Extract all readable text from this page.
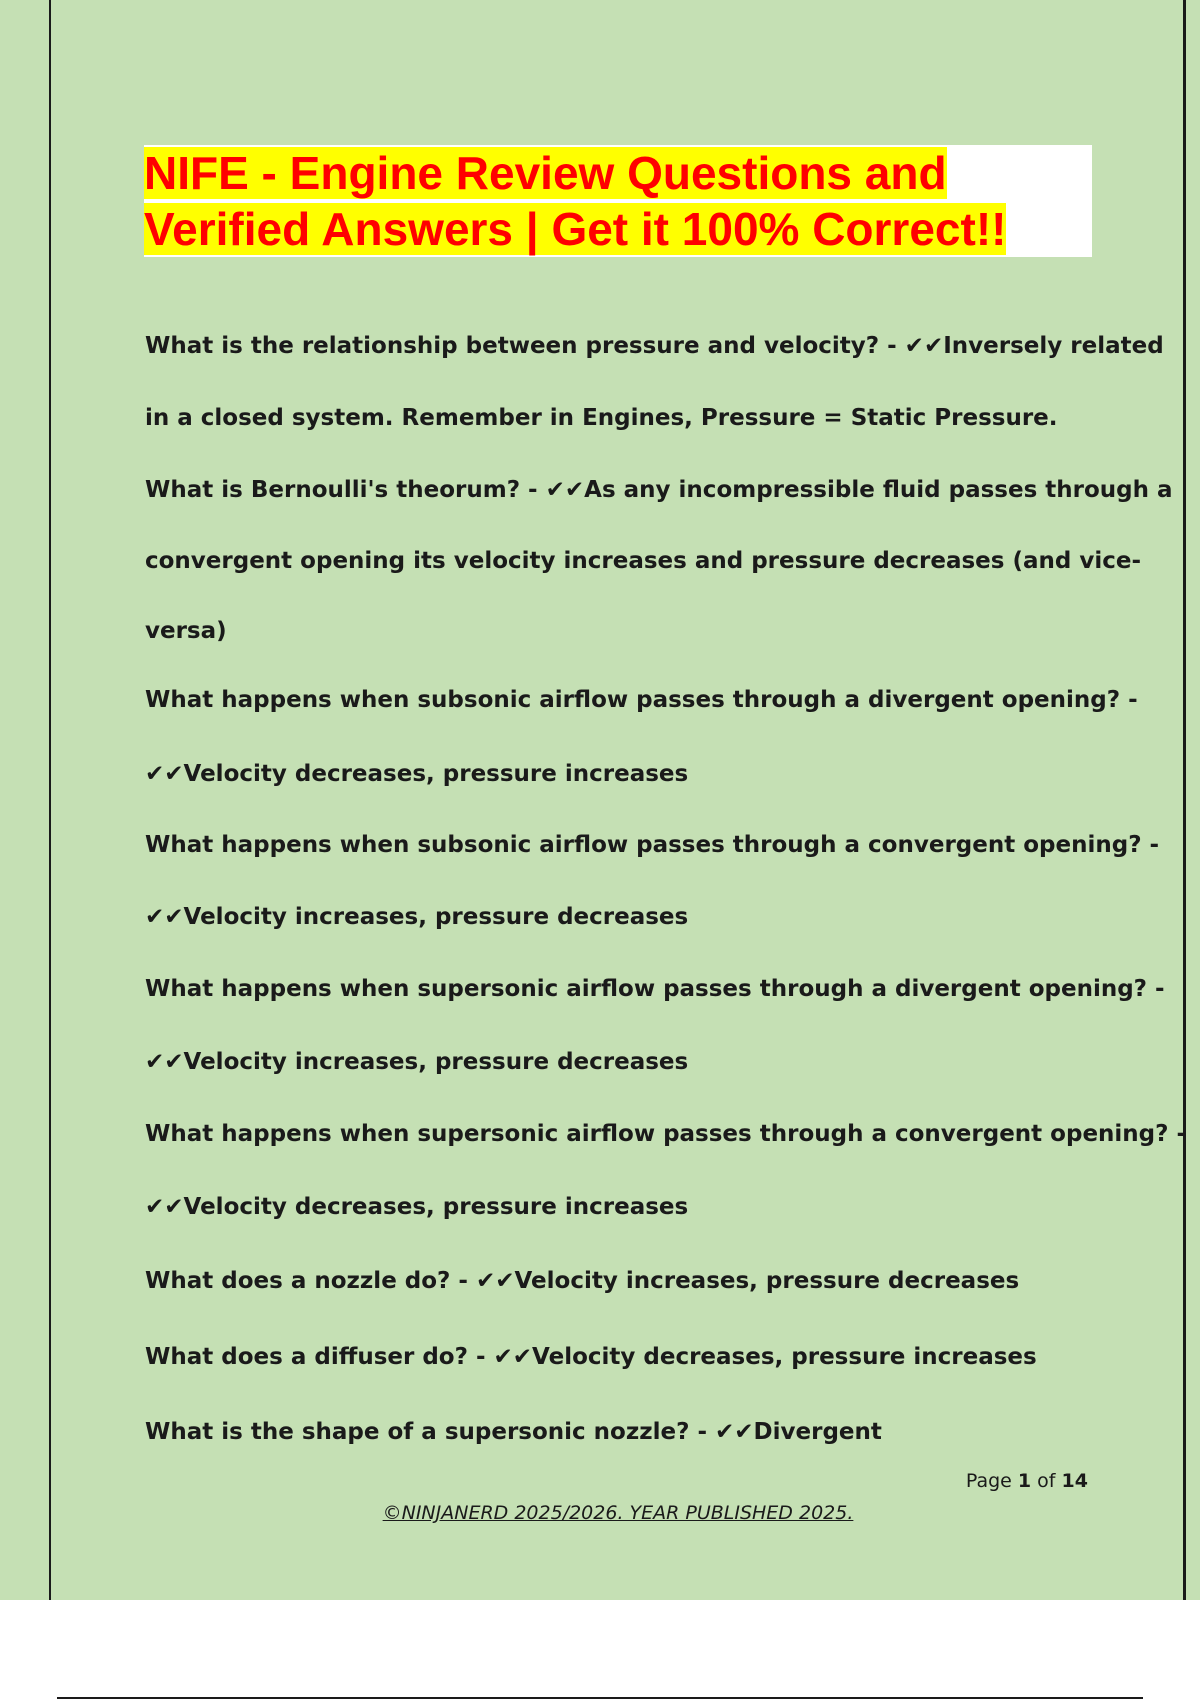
NIFE - Engine Review Questions and
Verified Answers | Get it 100% Correct!!

What is the relationship between pressure and velocity? - ✔✔Inversely related

in a closed system. Remember in Engines, Pressure = Static Pressure.

What is Bernoulli's theorum? - ✔✔As any incompressible fluid passes through a

convergent opening its velocity increases and pressure decreases (and vice-

versa)

What happens when subsonic airflow passes through a divergent opening? -

✔✔Velocity decreases, pressure increases

What happens when subsonic airflow passes through a convergent opening? -

✔✔Velocity increases, pressure decreases

What happens when supersonic airflow passes through a divergent opening? -

✔✔Velocity increases, pressure decreases

What happens when supersonic airflow passes through a convergent opening? -

✔✔Velocity decreases, pressure increases

What does a nozzle do? - ✔✔Velocity increases, pressure decreases

What does a diffuser do? - ✔✔Velocity decreases, pressure increases

What is the shape of a supersonic nozzle? - ✔✔Divergent

Page 1 of 14
©NINJANERD 2025/2026. YEAR PUBLISHED 2025.
